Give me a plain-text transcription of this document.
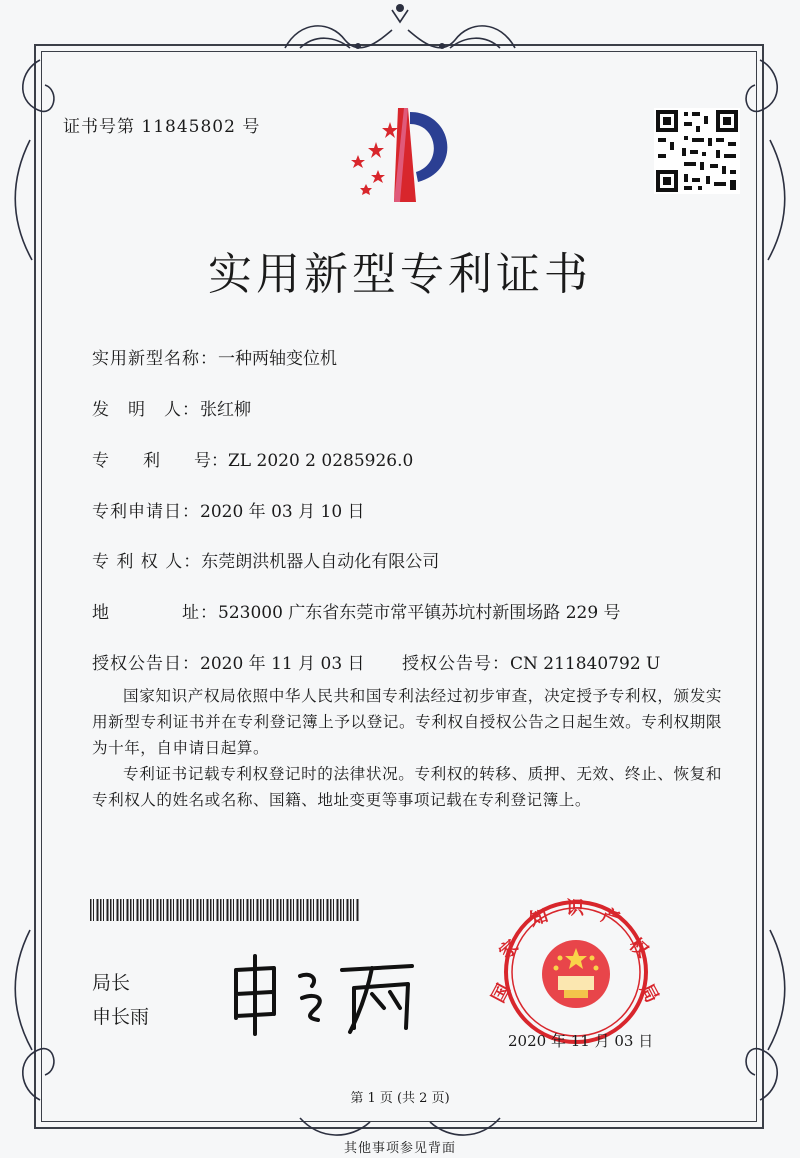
证书号第 11845802 号
实用新型专利证书
实用新型名称：一种两轴变位机
发　明　人：张红柳
专　　利　　号：ZL 2020 2 0285926.0
专利申请日：2020 年 03 月 10 日
专 利 权 人：东莞朗洪机器人自动化有限公司
地　　　　址：523000 广东省东莞市常平镇苏坑村新围场路 229 号
授权公告日：2020 年 11 月 03 日 授权公告号：CN 211840792 U
国家知识产权局依照中华人民共和国专利法经过初步审查，决定授予专利权，颁发实用新型专利证书并在专利登记簿上予以登记。专利权自授权公告之日起生效。专利权期限为十年，自申请日起算。
专利证书记载专利权登记时的法律状况。专利权的转移、质押、无效、终止、恢复和专利权人的姓名或名称、国籍、地址变更等事项记载在专利登记簿上。
局长
申长雨
国
家
知 识 产
权
局
2020 年 11 月 03 日
第 1 页 (共 2 页)
其他事项参见背面
